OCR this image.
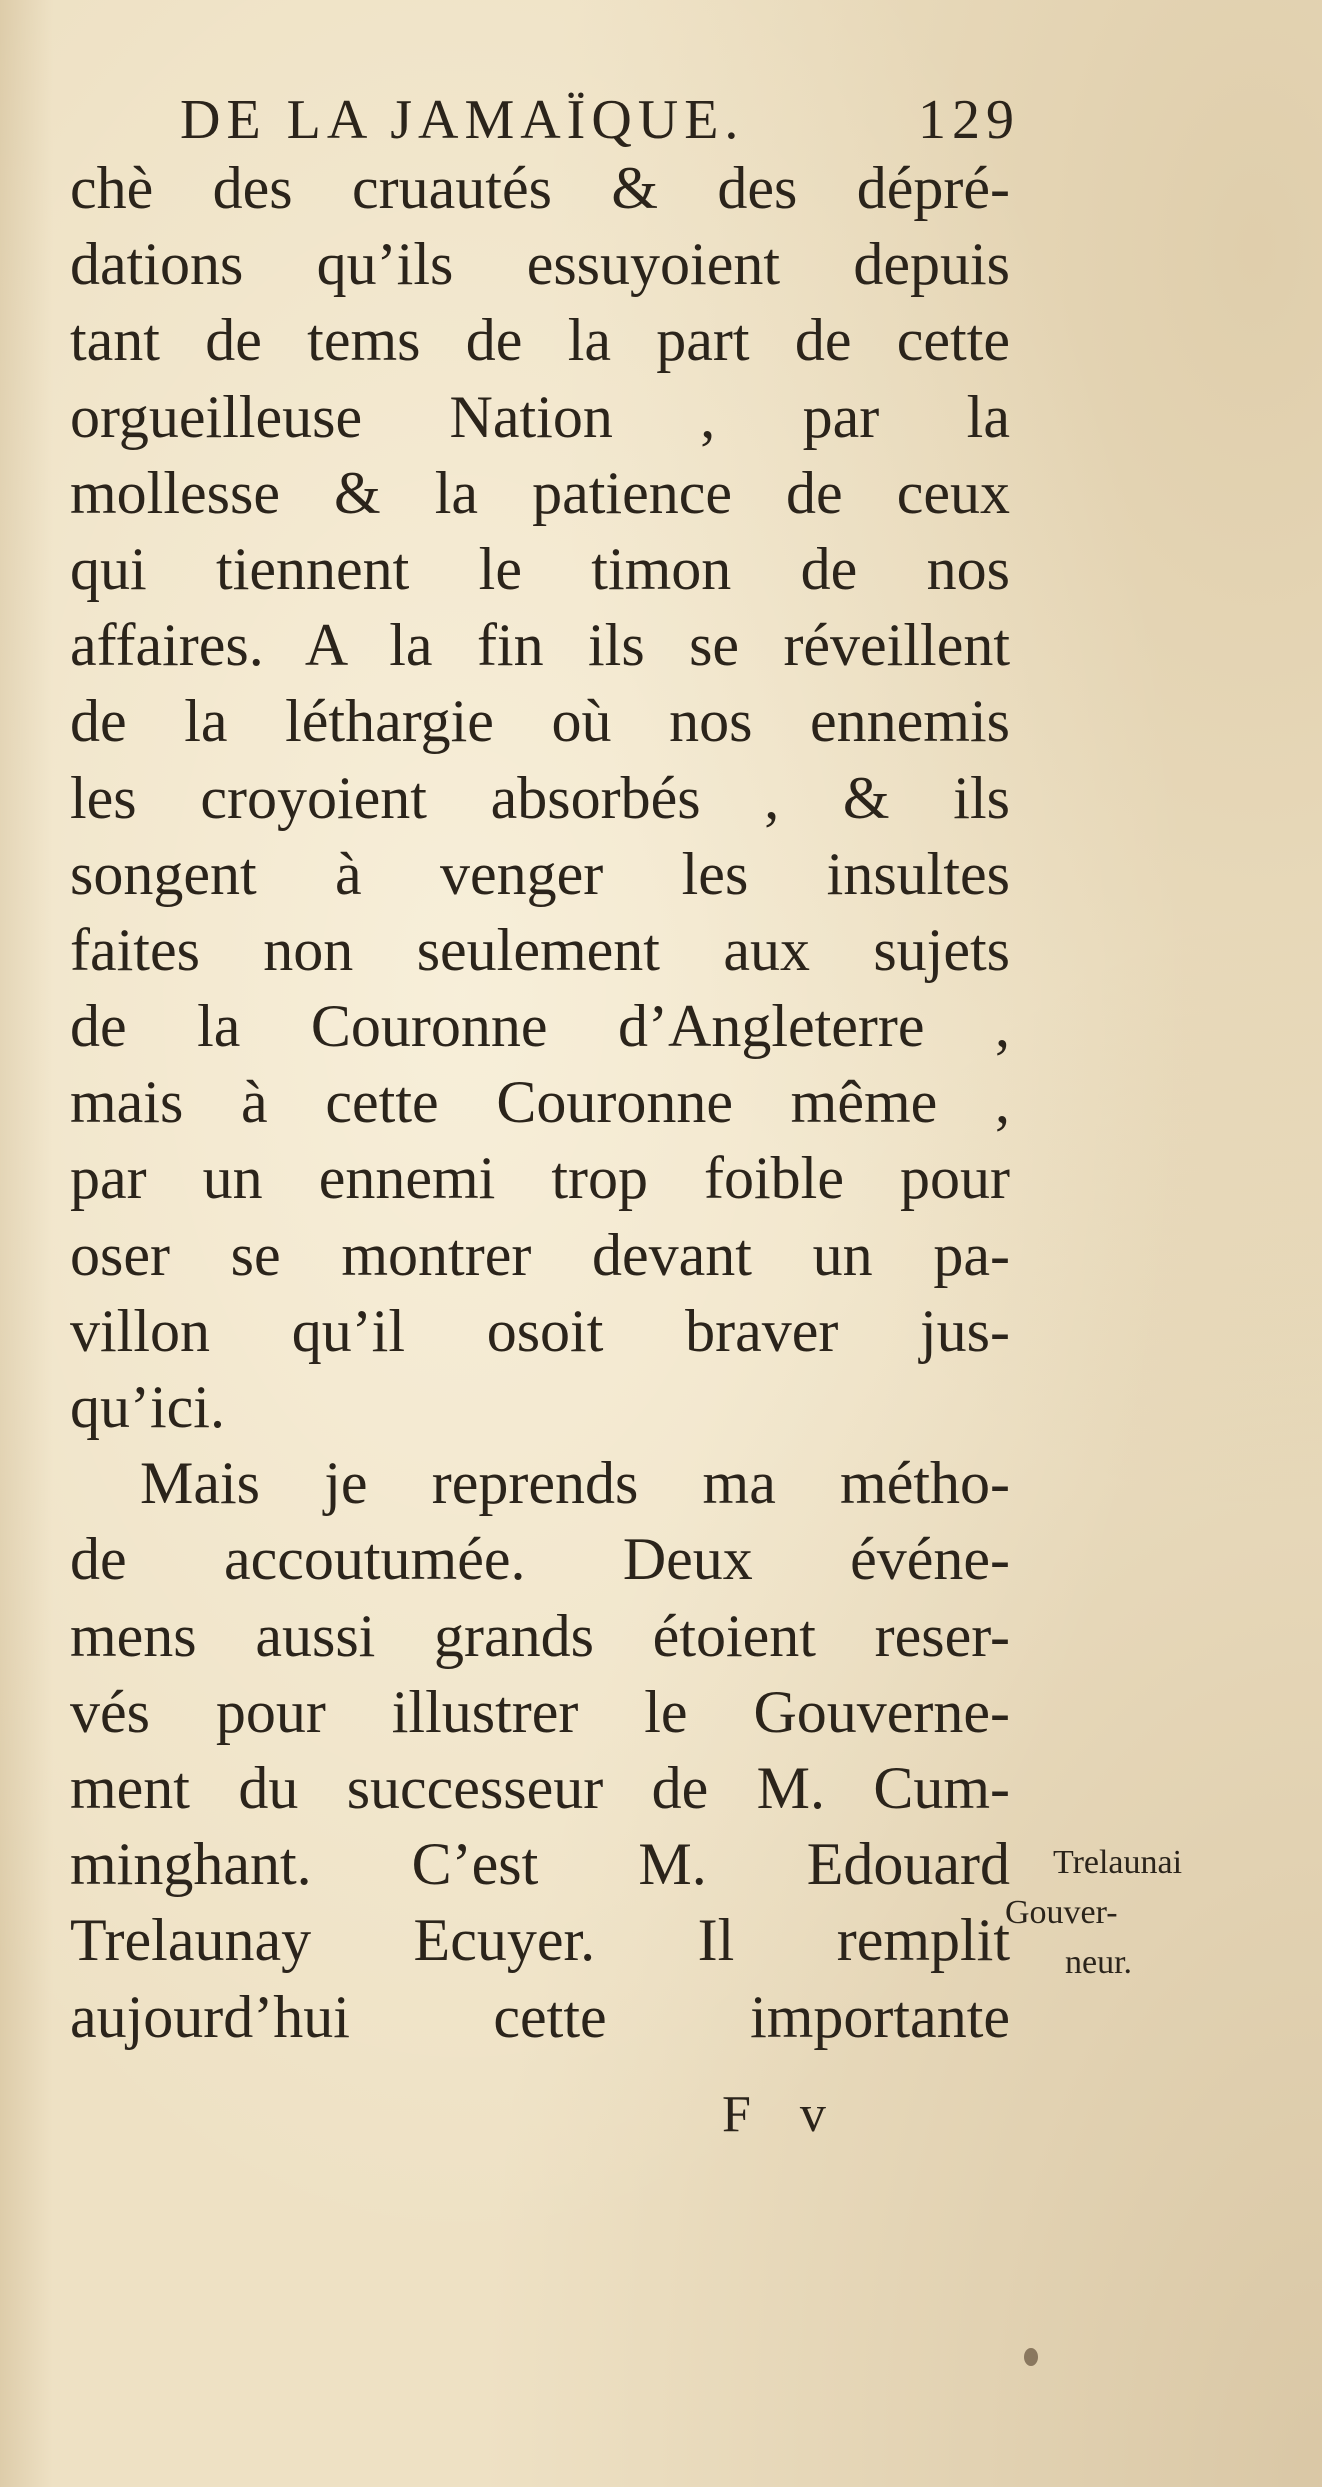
DE LA JAMAÏQUE.	129
chè des cruautés & des dépré-
dations qu’ils essuyoient depuis
tant de tems de la part de cette
orgueilleuse Nation , par la
mollesse & la patience de ceux
qui tiennent le timon de nos
affaires. A la fin ils se réveillent
de la léthargie où nos ennemis
les croyoient absorbés , & ils
songent à venger les insultes
faites non seulement aux sujets
de la Couronne d’Angleterre ,
mais à cette Couronne même ,
par un ennemi trop foible pour
oser se montrer devant un pa-
villon qu’il osoit braver jus-
qu’ici.
Mais je reprends ma métho-
de accoutumée. Deux événe-
mens aussi grands étoient reser-
vés pour illustrer le Gouverne-
ment du successeur de M. Cum-
minghant. C’est M. Edouard
Trelaunay Ecuyer. Il remplit
aujourd’hui cette importante
Trelaunai
Gouver-
neur.
F v
